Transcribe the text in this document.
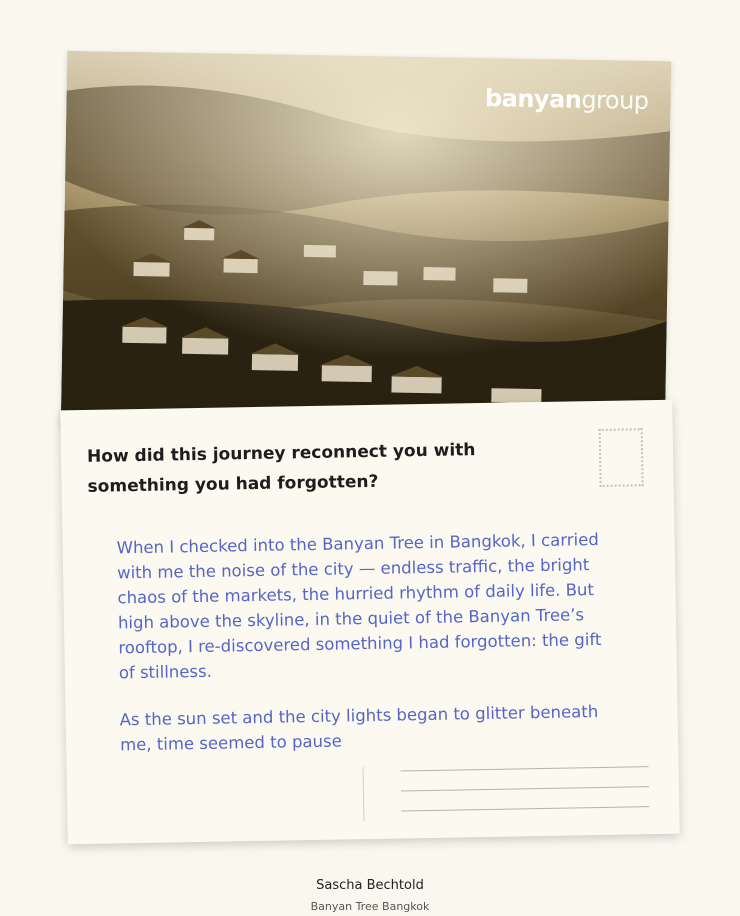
banyangroup
How did this journey reconnect you with something you had forgotten?

When I checked into the Banyan Tree in Bangkok, I carried with me the noise of the city — endless traffic, the bright chaos of the markets, the hurried rhythm of daily life. But high above the skyline, in the quiet of the Banyan Tree’s rooftop, I re-discovered something I had forgotten: the gift of stillness.

As the sun set and the city lights began to glitter beneath me, time seemed to pause

Sascha Bechtold
Banyan Tree Bangkok
